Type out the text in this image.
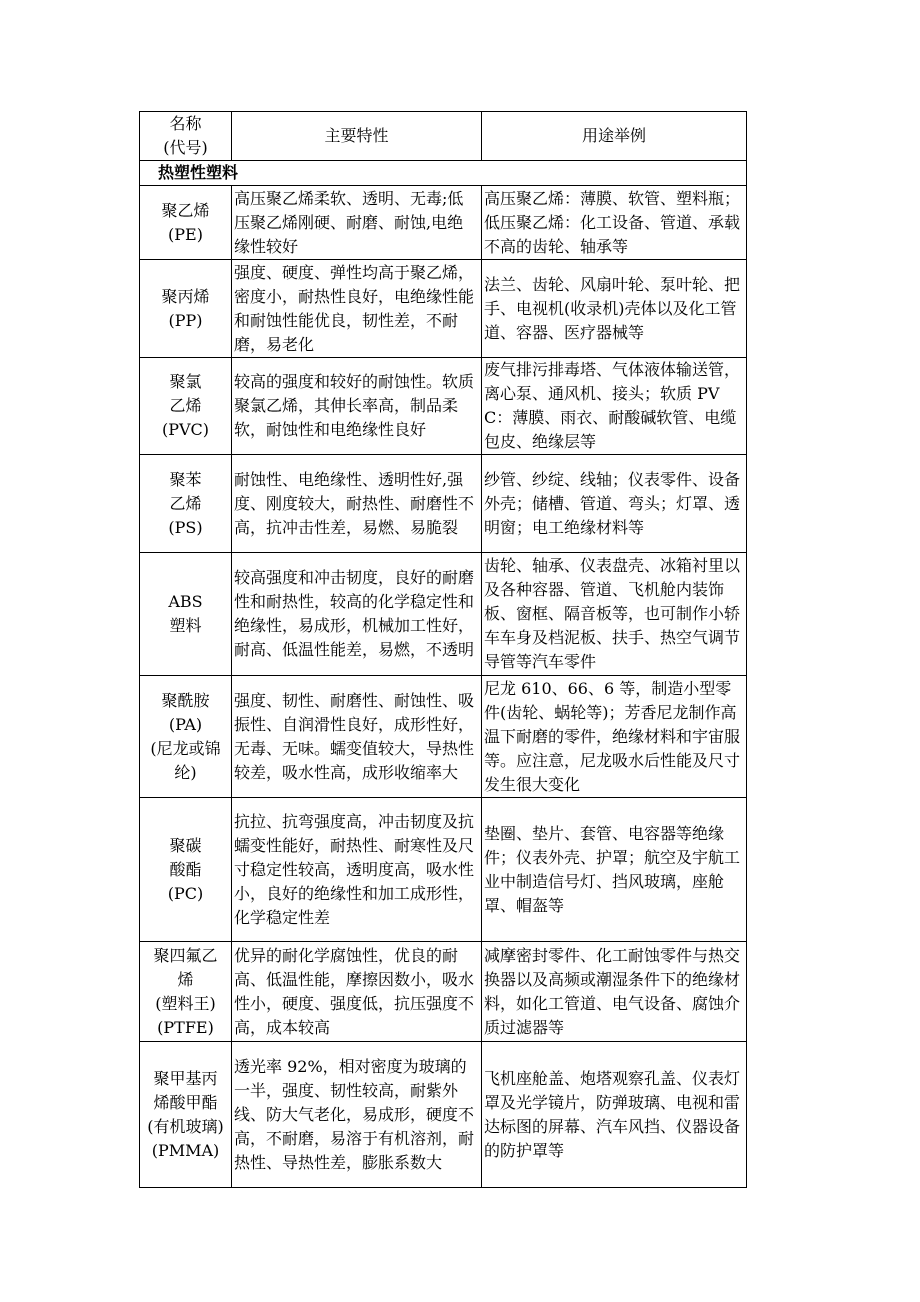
名称
(代号)	主要特性	用途举例
热塑性塑料		

聚乙烯
(PE)	高压聚乙烯柔软、透明、无毒;低压聚乙烯刚硬、耐磨、耐蚀,电绝缘性较好	高压聚乙烯：薄膜、软管、塑料瓶；低压聚乙烯：化工设备、管道、承载不高的齿轮、轴承等

聚丙烯
(PP)	强度、硬度、弹性均高于聚乙烯，密度小，耐热性良好，电绝缘性能和耐蚀性能优良，韧性差，不耐磨，易老化	法兰、齿轮、风扇叶轮、泵叶轮、把手、电视机(收录机)壳体以及化工管道、容器、医疗器械等

聚氯
乙烯
(PVC)	较高的强度和较好的耐蚀性。软质聚氯乙烯，其伸长率高，制品柔软，耐蚀性和电绝缘性良好	废气排污排毒塔、气体液体输送管，离心泵、通风机、接头；软质 PVC：薄膜、雨衣、耐酸碱软管、电缆包皮、绝缘层等

聚苯
乙烯
(PS)	耐蚀性、电绝缘性、透明性好,强度、刚度较大，耐热性、耐磨性不高，抗冲击性差，易燃、易脆裂	纱管、纱绽、线轴；仪表零件、设备外壳；储槽、管道、弯头；灯罩、透明窗；电工绝缘材料等

ABS
塑料	较高强度和冲击韧度，良好的耐磨性和耐热性，较高的化学稳定性和绝缘性，易成形，机械加工性好，耐高、低温性能差，易燃，不透明	齿轮、轴承、仪表盘壳、冰箱衬里以及各种容器、管道、飞机舱内装饰板、窗框、隔音板等，也可制作小轿车车身及档泥板、扶手、热空气调节导管等汽车零件

聚酰胺
(PA)
(尼龙或锦
纶)	强度、韧性、耐磨性、耐蚀性、吸振性、自润滑性良好，成形性好，无毒、无味。蠕变值较大，导热性较差，吸水性高，成形收缩率大	尼龙 610、66、6 等，制造小型零件(齿轮、蜗轮等)；芳香尼龙制作高温下耐磨的零件，绝缘材料和宇宙服等。应注意，尼龙吸水后性能及尺寸发生很大变化

聚碳
酸酯
(PC)	抗拉、抗弯强度高，冲击韧度及抗蠕变性能好，耐热性、耐寒性及尺寸稳定性较高，透明度高，吸水性小，良好的绝缘性和加工成形性，化学稳定性差	垫圈、垫片、套管、电容器等绝缘件；仪表外壳、护罩；航空及宇航工业中制造信号灯、挡风玻璃，座舱罩、帽盔等

聚四氟乙
烯
(塑料王)
(PTFE)	优异的耐化学腐蚀性，优良的耐高、低温性能，摩擦因数小，吸水性小，硬度、强度低，抗压强度不高，成本较高	减摩密封零件、化工耐蚀零件与热交换器以及高频或潮湿条件下的绝缘材料，如化工管道、电气设备、腐蚀介质过滤器等

聚甲基丙
烯酸甲酯
(有机玻璃)
(PMMA)	透光率 92%，相对密度为玻璃的一半，强度、韧性较高，耐紫外线、防大气老化，易成形，硬度不高，不耐磨，易溶于有机溶剂，耐热性、导热性差，膨胀系数大	飞机座舱盖、炮塔观察孔盖、仪表灯罩及光学镜片，防弹玻璃、电视和雷达标图的屏幕、汽车风挡、仪器设备的防护罩等
